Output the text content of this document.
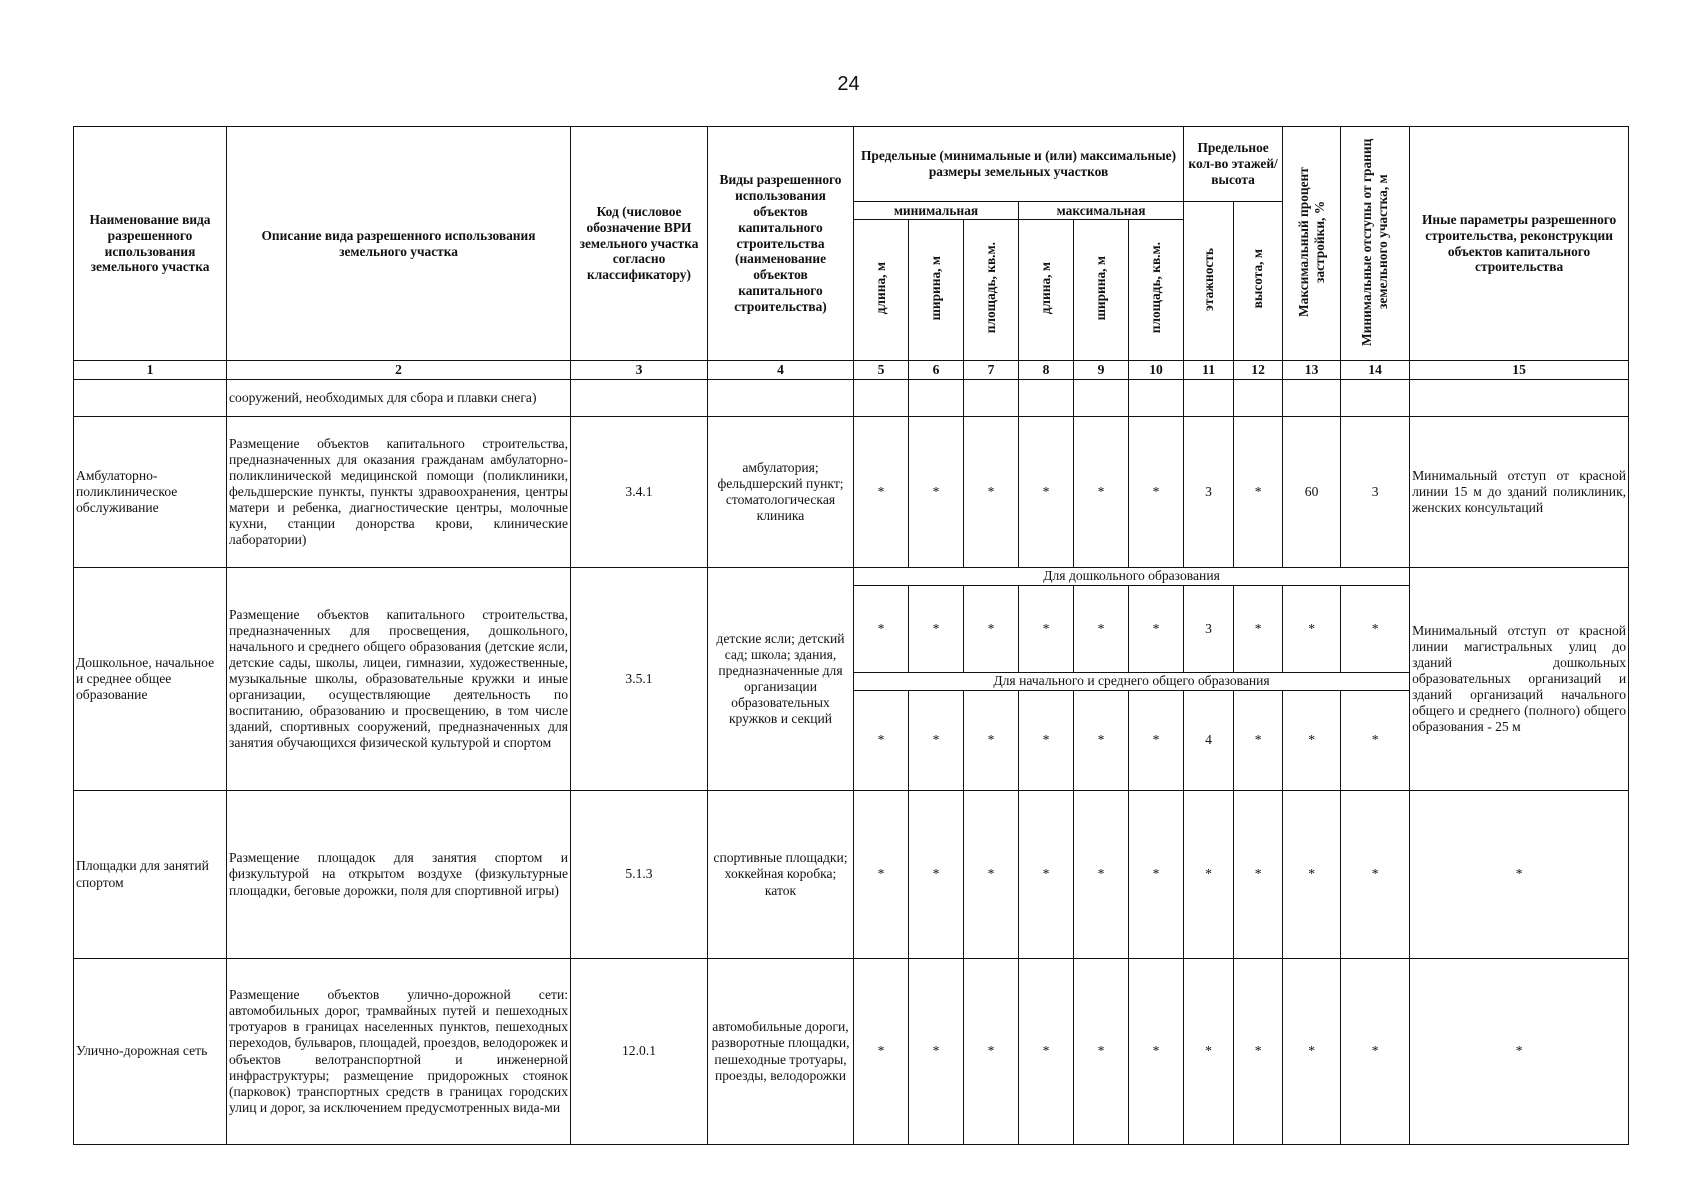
24
Наименование вида разрешенного использования земельного участка	Описание вида разрешенного использования земельного участка	Код (числовое обозначение ВРИ земельного участка согласно классификатору)	Виды разрешенного использования объектов капитального строительства (наименование объектов капитального строительства)	Предельные (минимальные и (или) максимальные) размеры земельных участков						Предельное кол-во этажей/ высота		Максимальный процент застройки, %	Минимальные отступы от границ земельного участка, м	Иные параметры разрешенного строительства, реконструкции объектов капитального строительства
				минимальная			максимальная			этажность	высота, м			
				длина, м	ширина, м	площадь, кв.м.	длина, м	ширина, м	площадь, кв.м.					
1	2	3	4	5	6	7	8	9	10	11	12	13	14	15
	сооружений, необходимых для сбора и плавки снега)													
Амбулаторно-поликлиническое обслуживание	Размещение объектов капитального строительства, предназначенных для оказания гражданам амбулаторно-поликлинической медицинской помощи (поликлиники, фельдшерские пункты, пункты здравоохранения, центры матери и ребенка, диагностические центры, молочные кухни, станции донорства крови, клинические лаборатории)	3.4.1	амбулатория; фельдшерский пункт; стоматологическая клиника	*	*	*	*	*	*	3	*	60	3	Минимальный отступ от красной линии 15 м до зданий поликлиник, женских консультаций
Дошкольное, начальное и среднее общее образование	Размещение объектов капитального строительства, предназначенных для просвещения, дошкольного, начального и среднего общего образования (детские ясли, детские сады, школы, лицеи, гимназии, художественные, музыкальные школы, образовательные кружки и иные организации, осуществляющие деятельность по воспитанию, образованию и просвещению, в том числе зданий, спортивных сооружений, предназначенных для занятия обучающихся физической культурой и спортом	3.5.1	детские ясли; детский сад; школа; здания, предназначенные для организации образовательных кружков и секций	Для дошкольного образования										Минимальный отступ от красной линии магистральных улиц до зданий дошкольных образовательных организаций и зданий организаций начального общего и среднего (полного) общего образования - 25 м
				*	*	*	*	*	*	3	*	*	*	
				Для начального и среднего общего образования										
				*	*	*	*	*	*	4	*	*	*	
Площадки для занятий спортом	Размещение площадок для занятия спортом и физкультурой на открытом воздухе (физкультурные площадки, беговые дорожки, поля для спортивной игры)	5.1.3	спортивные площадки; хоккейная коробка; каток	*	*	*	*	*	*	*	*	*	*	*
Улично-дорожная сеть	Размещение объектов улично-дорожной сети: автомобильных дорог, трамвайных путей и пешеходных тротуаров в границах населенных пунктов, пешеходных переходов, бульваров, площадей, проездов, велодорожек и объектов велотранспортной и инженерной инфраструктуры; размещение придорожных стоянок (парковок) транспортных средств в границах городских улиц и дорог, за исключением предусмотренных вида-ми	12.0.1	автомобильные дороги, разворотные площадки, пешеходные тротуары, проезды, велодорожки	*	*	*	*	*	*	*	*	*	*	*
